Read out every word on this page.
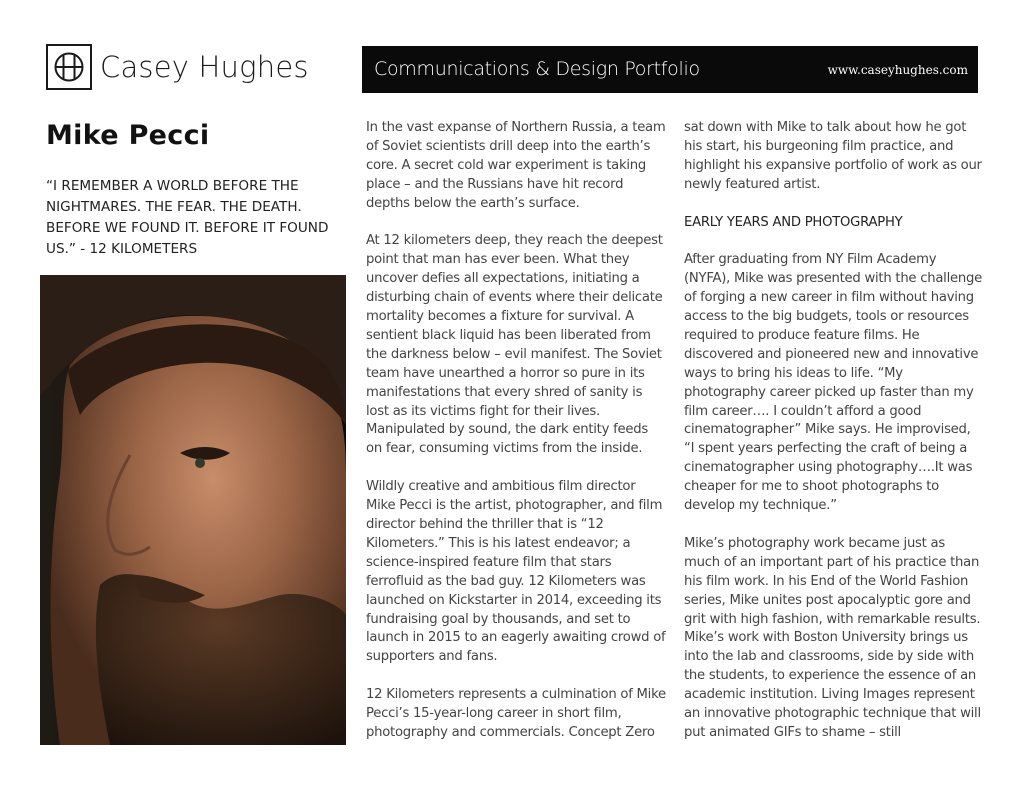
Casey Hughes	Communications & Design Portfolio	www.caseyhughes.com
Mike Pecci
“I REMEMBER A WORLD BEFORE THE NIGHTMARES. THE FEAR. THE DEATH. BEFORE WE FOUND IT. BEFORE IT FOUND US.” - 12 KILOMETERS

In the vast expanse of Northern Russia, a team of Soviet scientists drill deep into the earth’s core. A secret cold war experiment is taking place – and the Russians have hit record depths below the earth’s surface.

At 12 kilometers deep, they reach the deepest point that man has ever been. What they uncover defies all expectations, initiating a disturbing chain of events where their delicate mortality becomes a fixture for survival. A sentient black liquid has been liberated from the darkness below – evil manifest. The Soviet team have unearthed a horror so pure in its manifestations that every shred of sanity is lost as its victims fight for their lives. Manipulated by sound, the dark entity feeds on fear, consuming victims from the inside.

Wildly creative and ambitious film director Mike Pecci is the artist, photographer, and film director behind the thriller that is “12 Kilometers.” This is his latest endeavor; a science-inspired feature film that stars ferrofluid as the bad guy. 12 Kilometers was launched on Kickstarter in 2014, exceeding its fundraising goal by thousands, and set to launch in 2015 to an eagerly awaiting crowd of supporters and fans.

12 Kilometers represents a culmination of Mike Pecci’s 15-year-long career in short film, photography and commercials. Concept Zero

sat down with Mike to talk about how he got his start, his burgeoning film practice, and highlight his expansive portfolio of work as our newly featured artist.

EARLY YEARS AND PHOTOGRAPHY

After graduating from NY Film Academy (NYFA), Mike was presented with the challenge of forging a new career in film without having access to the big budgets, tools or resources required to produce feature films. He discovered and pioneered new and innovative ways to bring his ideas to life. “My photography career picked up faster than my film career…. I couldn’t afford a good cinematographer” Mike says. He improvised, “I spent years perfecting the craft of being a cinematographer using photography….It was cheaper for me to shoot photographs to develop my technique.”

Mike’s photography work became just as much of an important part of his practice than his film work. In his End of the World Fashion series, Mike unites post apocalyptic gore and grit with high fashion, with remarkable results. Mike’s work with Boston University brings us into the lab and classrooms, side by side with the students, to experience the essence of an academic institution. Living Images represent an innovative photographic technique that will put animated GIFs to shame – still
